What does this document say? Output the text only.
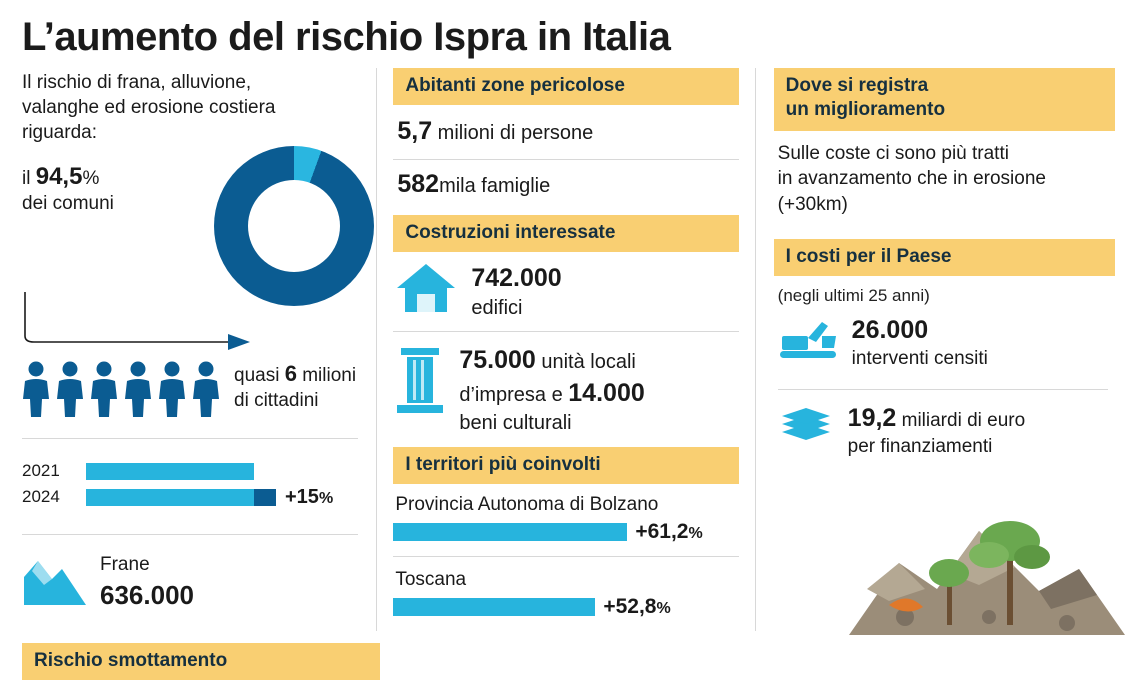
L’aumento del rischio Ispra in Italia

Il rischio di frana, alluvione,
valanghe ed erosione costiera
riguarda:

il 94,5%
dei comuni

quasi 6 milioni
di cittadini
2021
2024	+15%
Frane
636.000
Rischio smottamento
Abitanti zone pericolose
5,7 milioni di persone
582mila famiglie
Costruzioni interessate
742.000
edifici
75.000 unità locali
d’impresa e 14.000
beni culturali
I territori più coinvolti
Provincia Autonoma di Bolzano
+61,2%
Toscana
+52,8%
Dove si registra
un miglioramento

Sulle coste ci sono più tratti
in avanzamento che in erosione
(+30km)

I costi per il Paese
(negli ultimi 25 anni)
26.000
interventi censiti
19,2 miliardi di euro
per finanziamenti
